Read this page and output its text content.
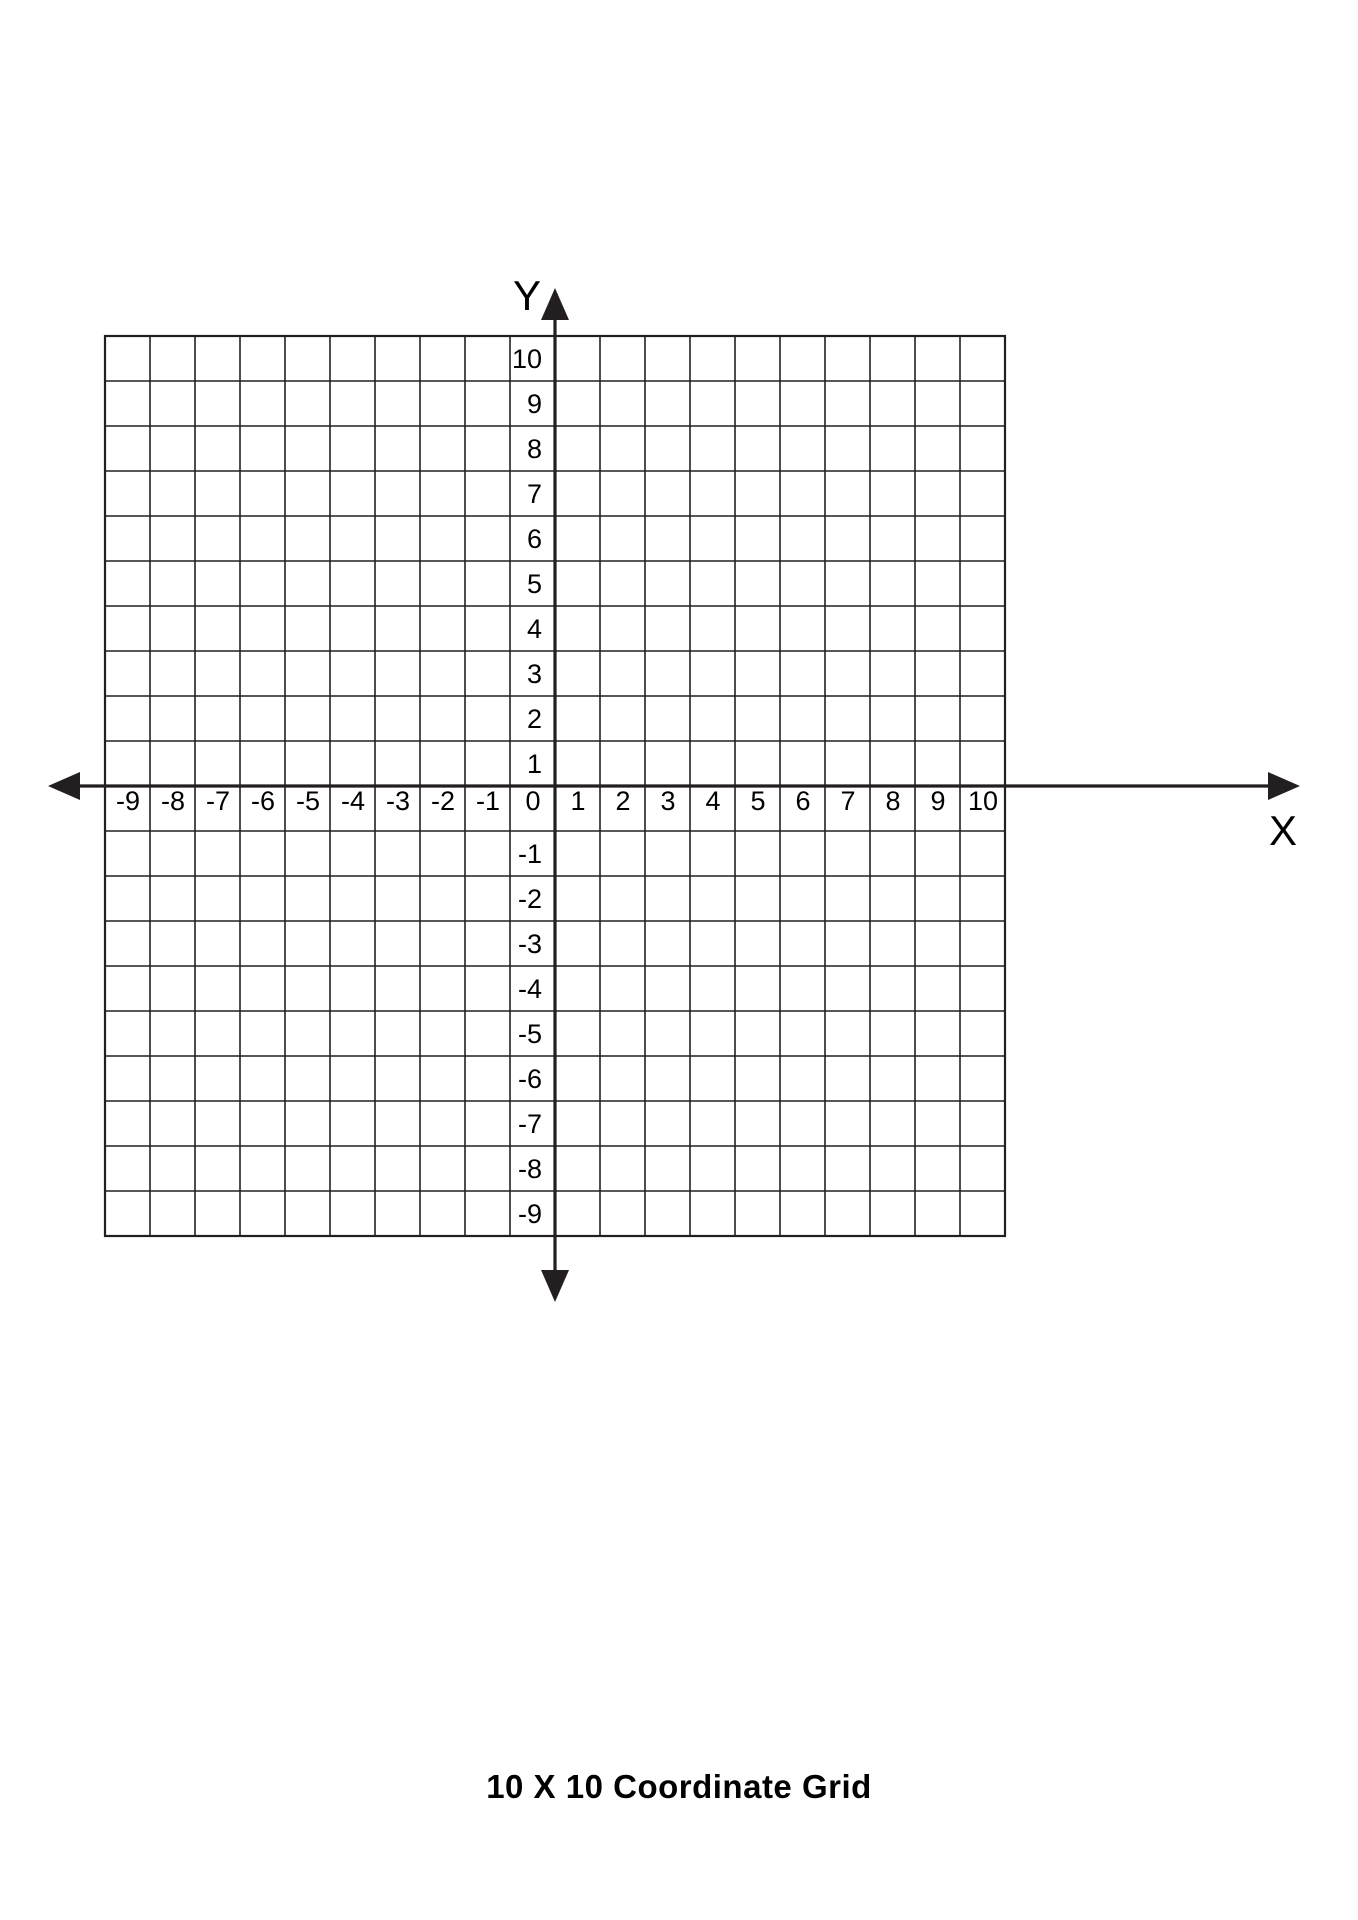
Y
X
-9 -8 -7 -6 -5 -4 -3 -2 -1 0 1 2 3 4 5 6 7 8 9 10
10
9
8
7
6
5
4
3
2
1
-1
-2
-3
-4
-5
-6
-7
-8
-9
10 X 10 Coordinate Grid
